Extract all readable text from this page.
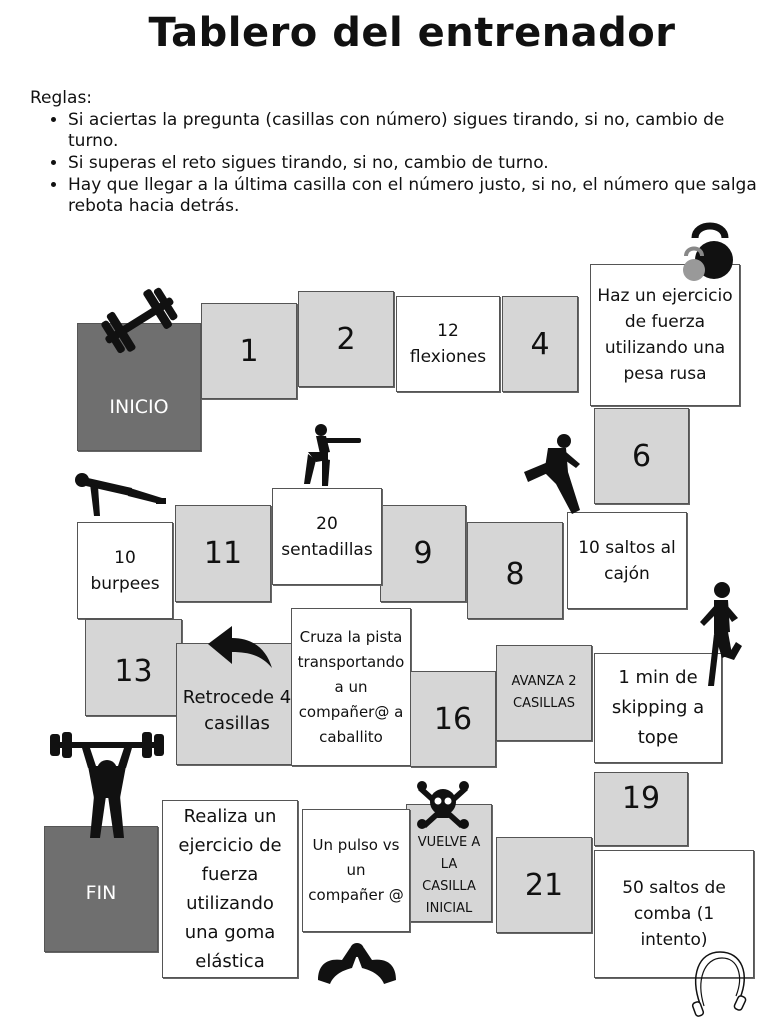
Tablero del entrenador
Reglas:
• Si aciertas la pregunta (casillas con número) sigues tirando, si no, cambio de turno.
• Si superas el reto sigues tirando, si no, cambio de turno.
• Hay que llegar a la última casilla con el número justo, si no, el número que salga rebota hacia detrás.
INICIO
1	2	12 flexiones 4
Haz un ejercicio de fuerza utilizando una pesa rusa
6
10 saltos al cajón
8
9
20 sentadillas
11
10 burpees
13
Retrocede 4 casillas
Cruza la pista transportando a un compañer@ a caballito	16
AVANZA 2 CASILLAS
1 min de skipping a tope
19
50 saltos de comba (1 intento)
21
VUELVE A LA CASILLA INICIAL
Un pulso vs un compañer @
Realiza un ejercicio de fuerza utilizando una goma elástica
FIN
